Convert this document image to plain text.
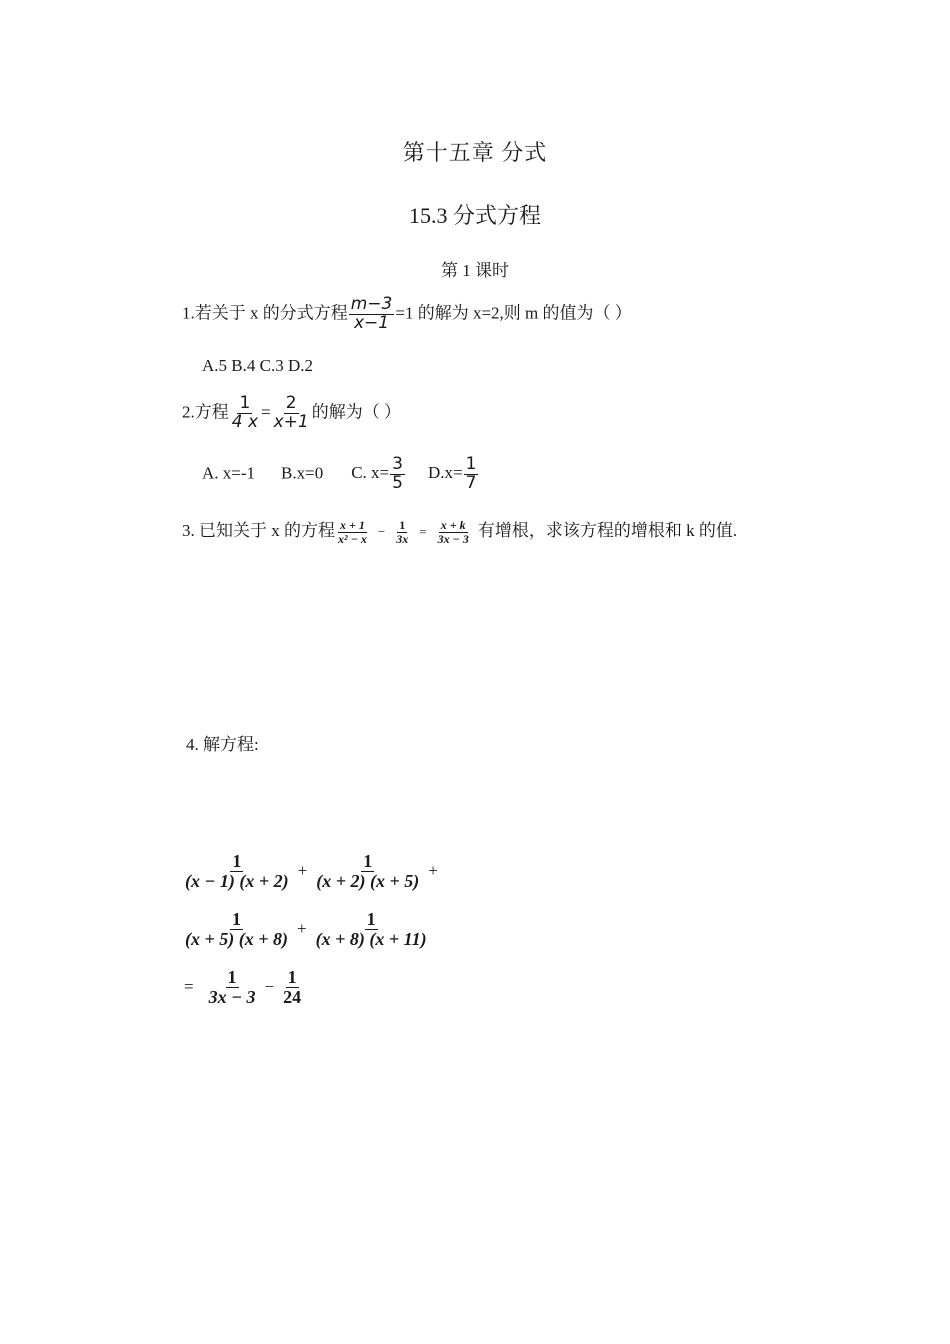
第十五章 分式
15.3 分式方程
第 1 课时
1.若关于 x 的分式方程 $\frac{m-3}{x-1} =1$ 的解为 x=2,则 m 的值为（ ）
A.5 B.4 C.3 D.2
2.方程 $\frac{1}{4 x} = \frac{2}{x+1}$ 的解为（ ）
A. x=-1 B.x=0 C. $x= \frac{3}{5} D.x= \frac{1}{7}$
3. 已知关于 x 的方程 $\frac{x + 1}{\text{x² − x}} - \frac{1}{3x} = \frac{x + k}{3x - 3}$ 有增根，求该方程的增根和 k 的值.
4. 解方程:
$\frac{1}{(x - 1) (x + 2)} + \frac{1}{(x + 2) (x + 5)}$ +
$\frac{1}{(x + 5) (x + 8)} + \frac{1}{(x + 8) (x + 11)}$
= $\frac{1}{3x - 3} - \frac{1}{24}$
